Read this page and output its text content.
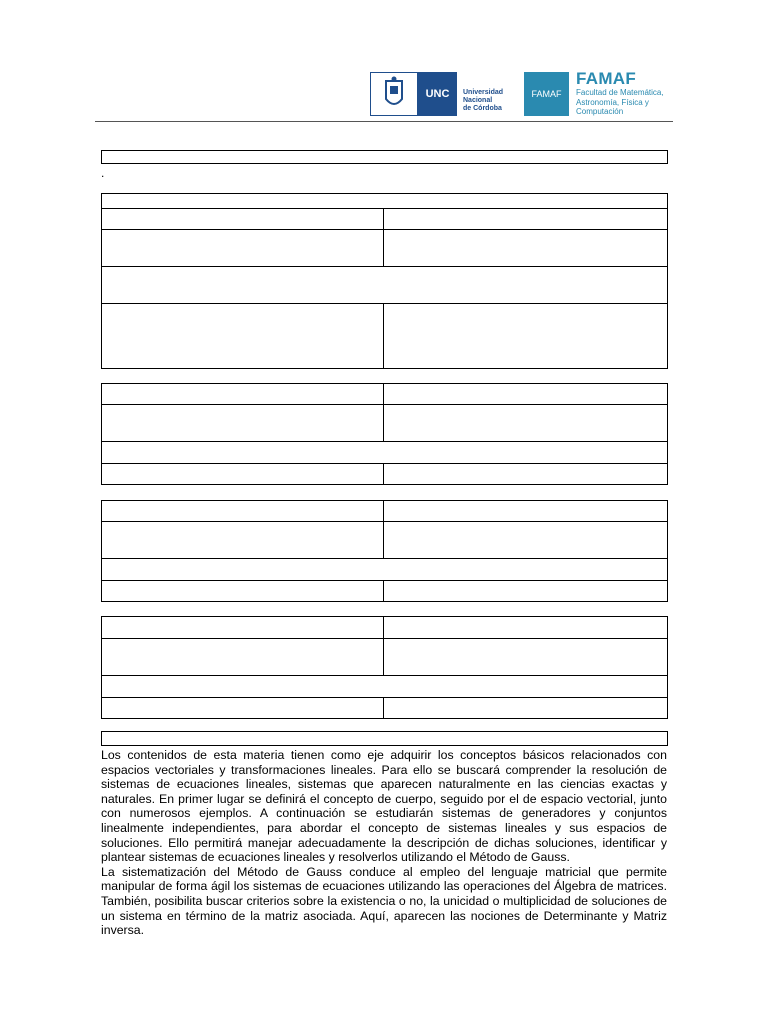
UNC	Universidad
Nacional
de Córdoba
FAMAF
FAMAF
Facultad de Matemática,
Astronomía, Física y
Computación
.

Los contenidos de esta materia tienen como eje adquirir los conceptos básicos relacionados con espacios vectoriales y transformaciones lineales. Para ello se buscará comprender la resolución de sistemas de ecuaciones lineales, sistemas que aparecen naturalmente en las ciencias exactas y naturales. En primer lugar se definirá el concepto de cuerpo, seguido por el de espacio vectorial, junto con numerosos ejemplos. A continuación se estudiarán sistemas de generadores y conjuntos linealmente independientes, para abordar el concepto de sistemas lineales y sus espacios de soluciones. Ello permitirá manejar adecuadamente la descripción de dichas soluciones, identificar y plantear sistemas de ecuaciones lineales y resolverlos utilizando el Método de Gauss.

La sistematización del Método de Gauss conduce al empleo del lenguaje matricial que permite manipular de forma ágil los sistemas de ecuaciones utilizando las operaciones del Álgebra de matrices. También, posibilita buscar criterios sobre la existencia o no, la unicidad o multiplicidad de soluciones de un sistema en término de la matriz asociada. Aquí, aparecen las nociones de Determinante y Matriz inversa.
